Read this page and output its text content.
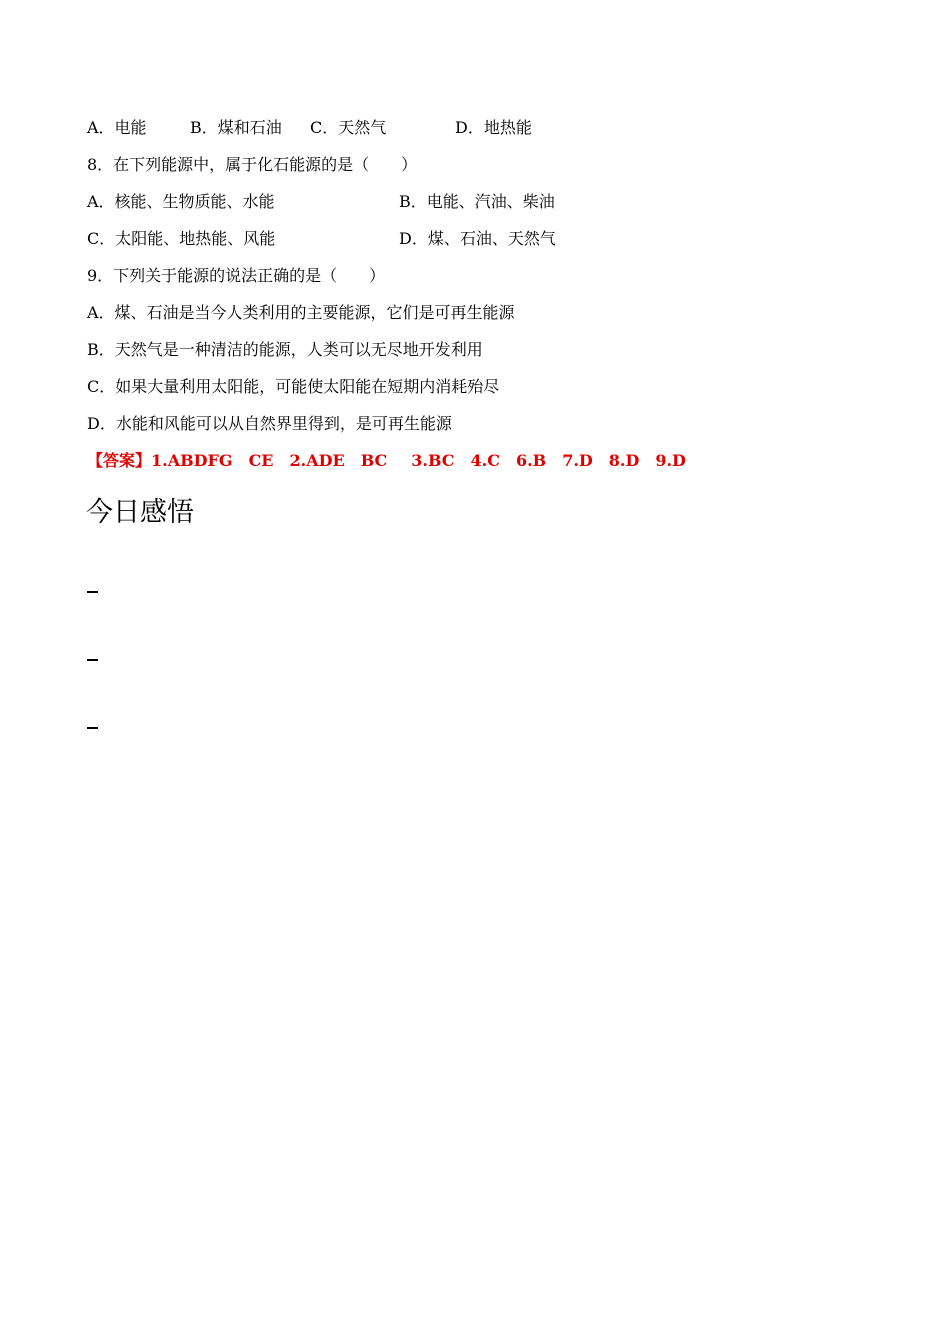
A．电能	B．煤和石油 C．天然气	D．地热能
8．在下列能源中，属于化石能源的是（　　）
A．核能、生物质能、水能	B．电能、汽油、柴油
C．太阳能、地热能、风能	D．煤、石油、天然气
9．下列关于能源的说法正确的是（　　）
A．煤、石油是当今人类利用的主要能源，它们是可再生能源
B．天然气是一种清洁的能源，人类可以无尽地开发利用
C．如果大量利用太阳能，可能使太阳能在短期内消耗殆尽
D．水能和风能可以从自然界里得到，是可再生能源
【答案】1.ABDFG CE 2.ADE BC 3.BC 4.C 6.B 7.D 8.D 9.D
今日感悟
